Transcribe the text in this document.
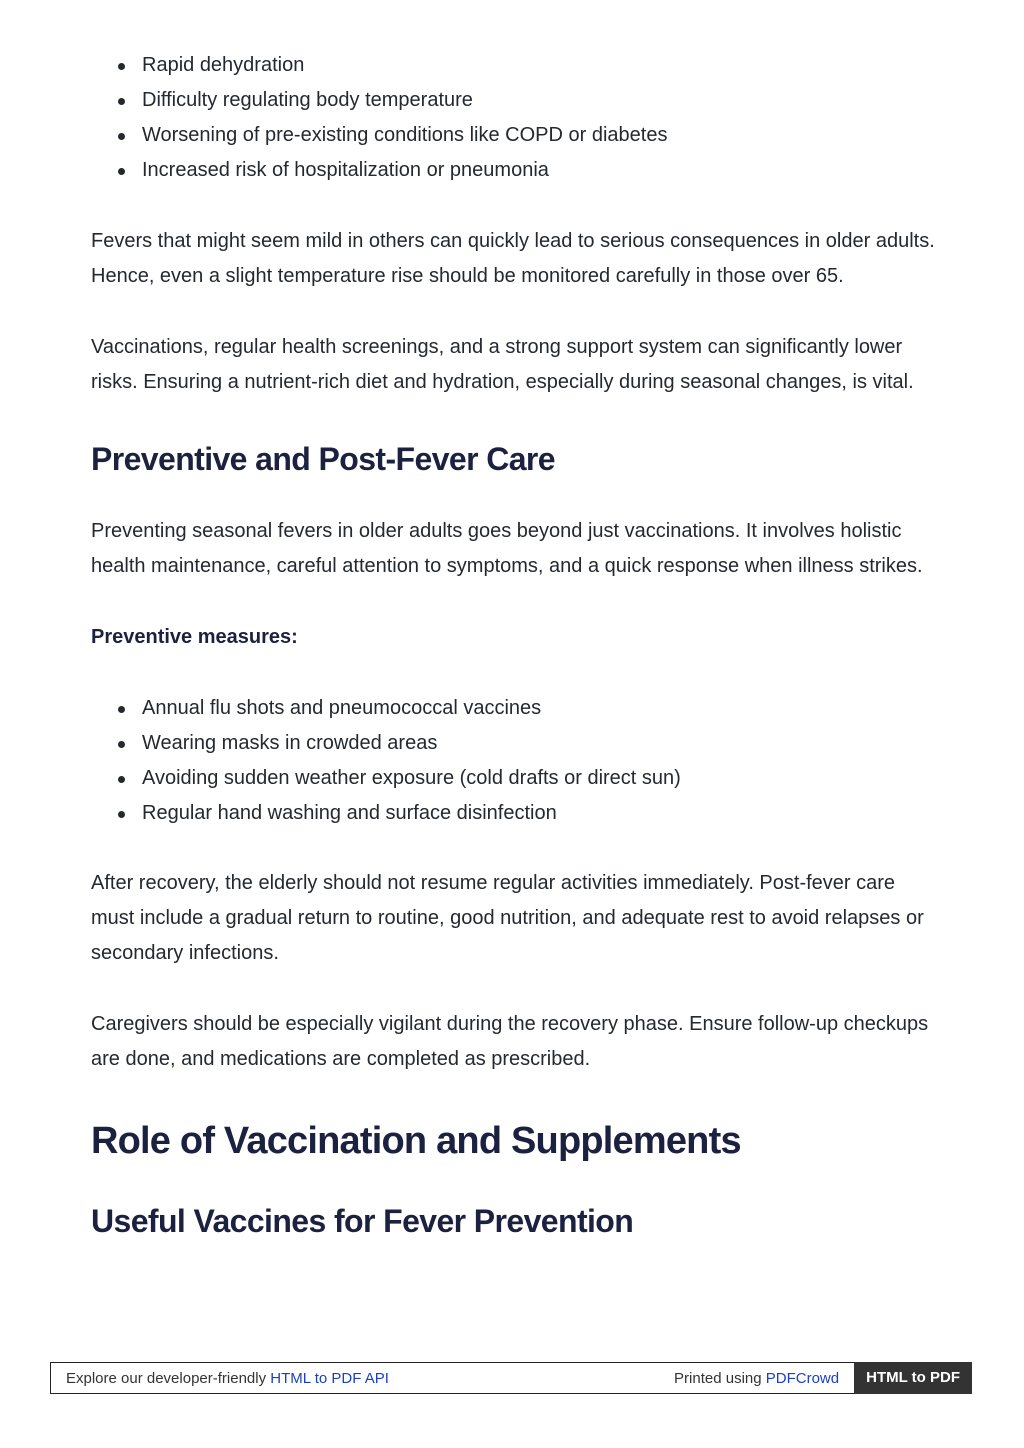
Rapid dehydration
Difficulty regulating body temperature
Worsening of pre-existing conditions like COPD or diabetes
Increased risk of hospitalization or pneumonia

Fevers that might seem mild in others can quickly lead to serious consequences in older adults. Hence, even a slight temperature rise should be monitored carefully in those over 65.

Vaccinations, regular health screenings, and a strong support system can significantly lower risks. Ensuring a nutrient-rich diet and hydration, especially during seasonal changes, is vital.

Preventive and Post-Fever Care

Preventing seasonal fevers in older adults goes beyond just vaccinations. It involves holistic health maintenance, careful attention to symptoms, and a quick response when illness strikes.

Preventive measures:

Annual flu shots and pneumococcal vaccines
Wearing masks in crowded areas
Avoiding sudden weather exposure (cold drafts or direct sun)
Regular hand washing and surface disinfection

After recovery, the elderly should not resume regular activities immediately. Post-fever care must include a gradual return to routine, good nutrition, and adequate rest to avoid relapses or secondary infections.

Caregivers should be especially vigilant during the recovery phase. Ensure follow-up checkups are done, and medications are completed as prescribed.

Role of Vaccination and Supplements
Useful Vaccines for Fever Prevention
Explore our developer-friendly HTML to PDF API	Printed using PDFCrowd	HTML to PDF
